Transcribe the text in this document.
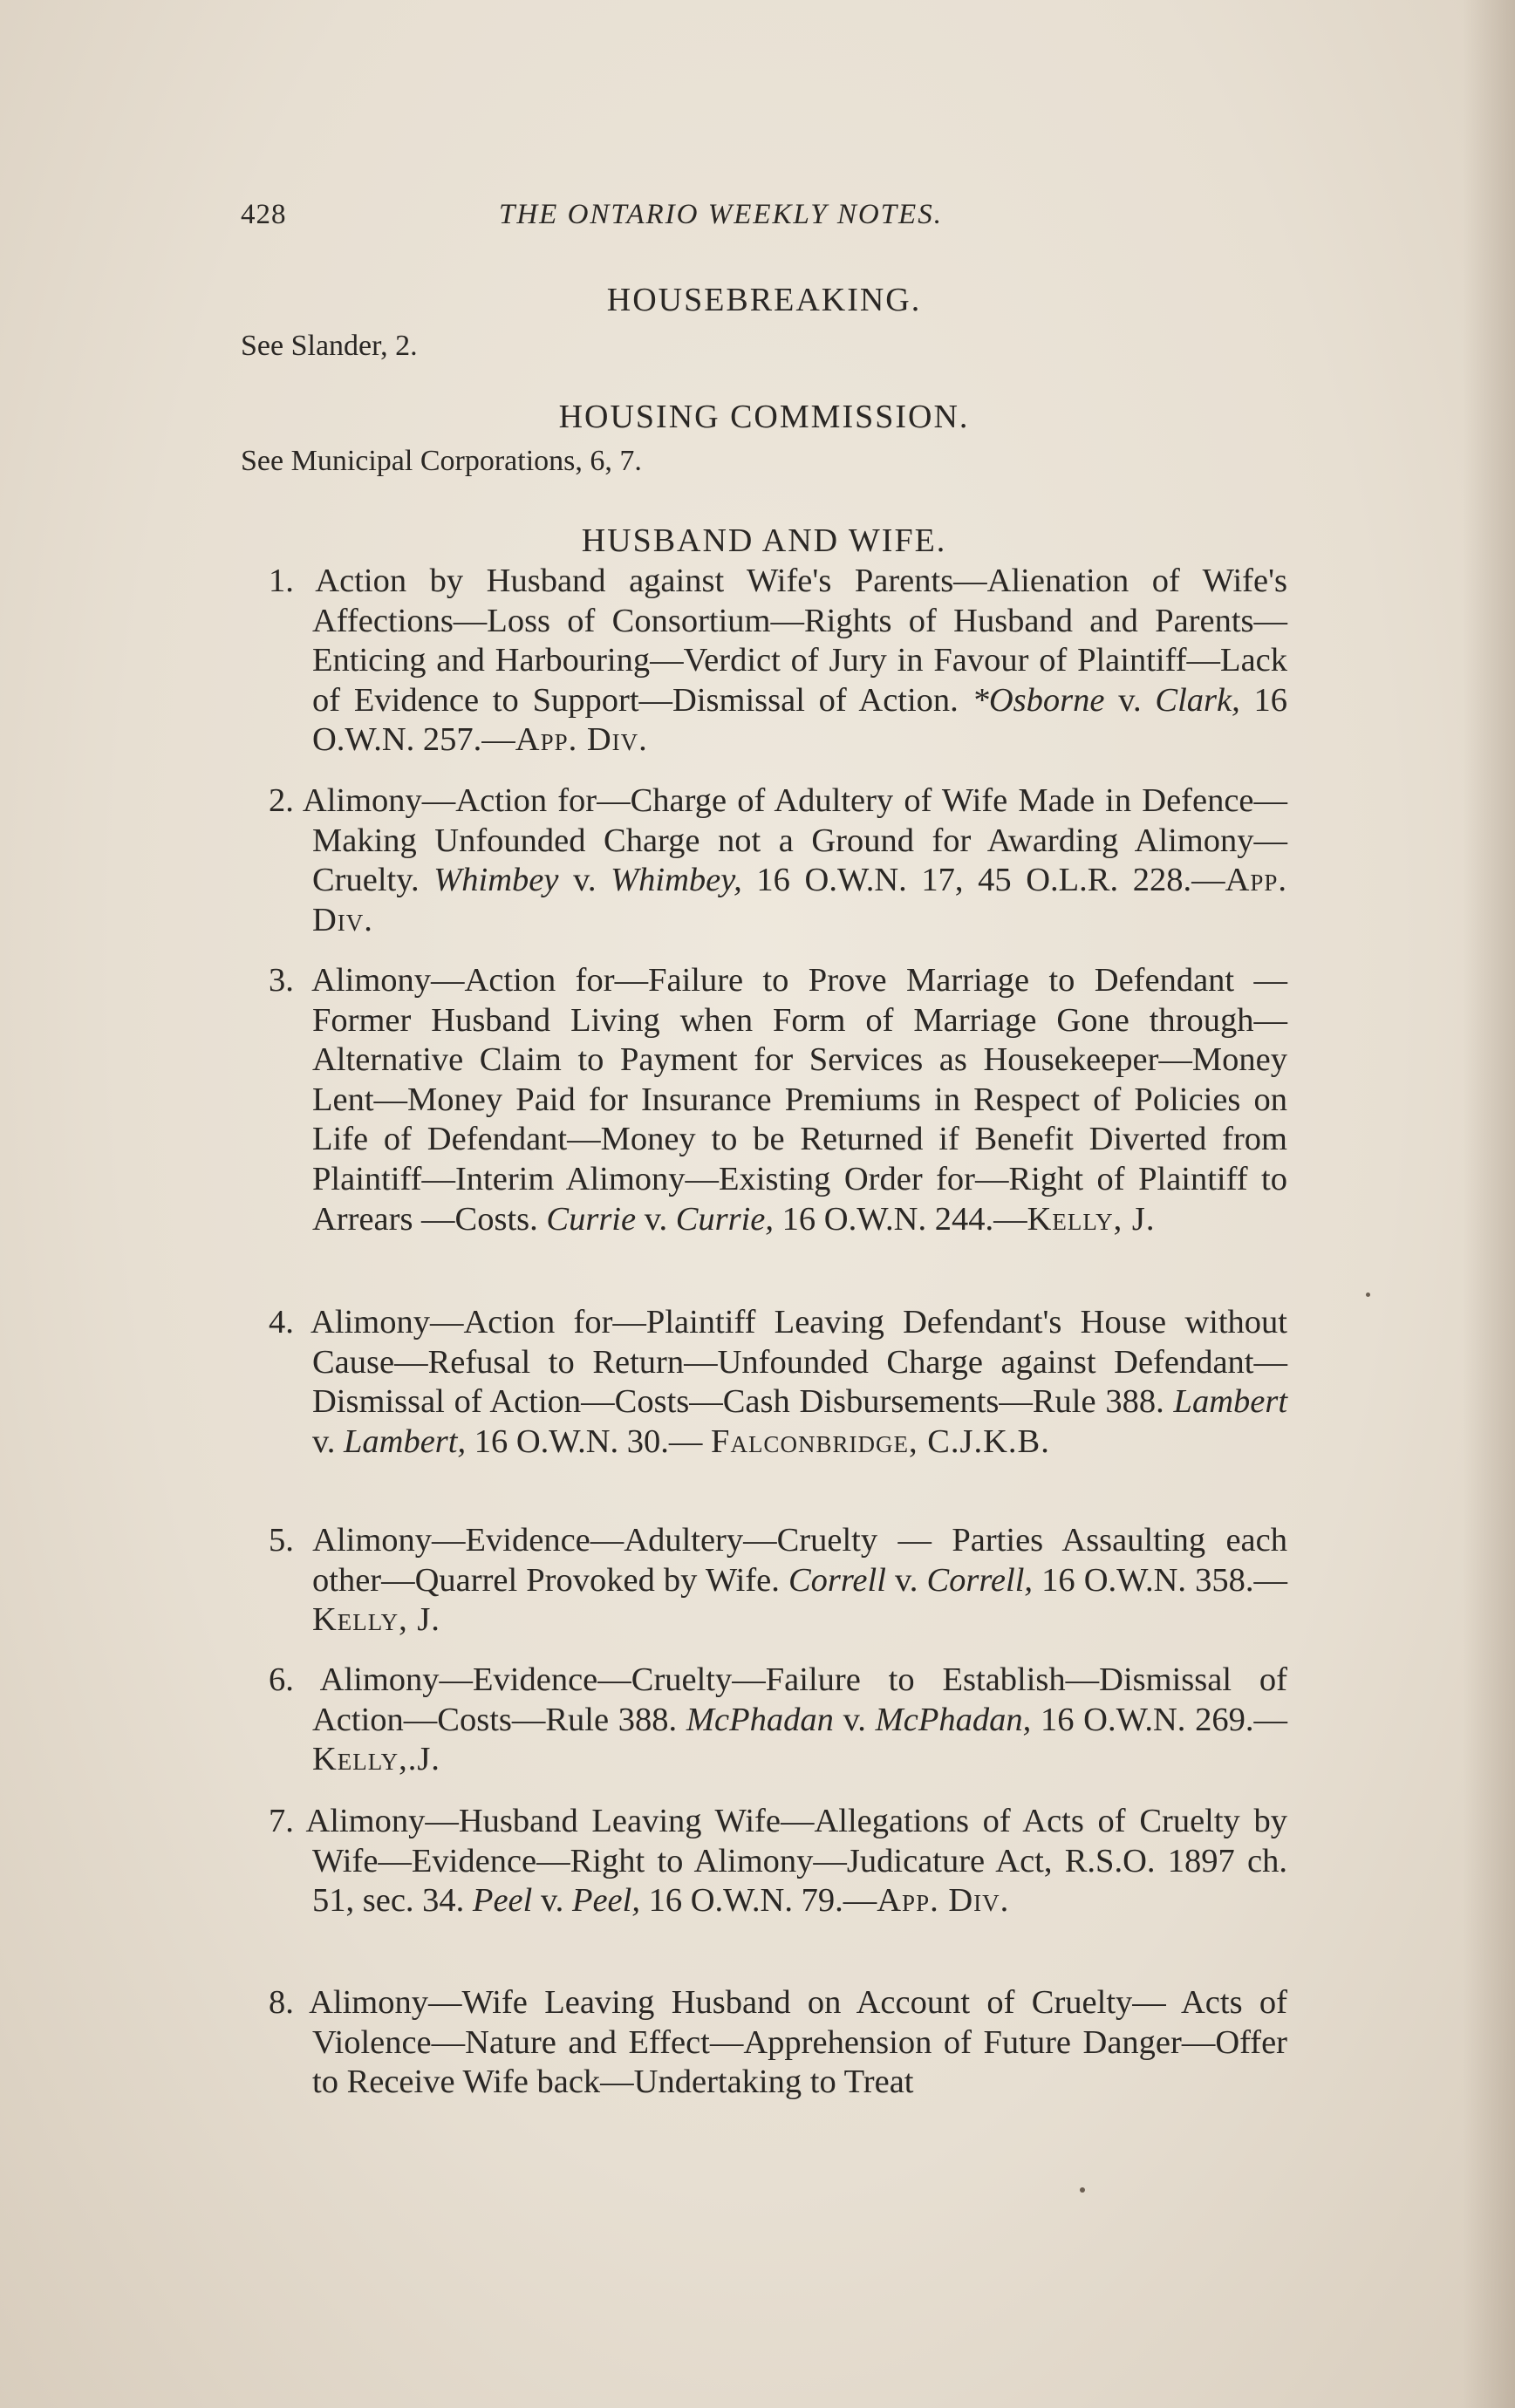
428	THE ONTARIO WEEKLY NOTES.
HOUSEBREAKING.
See Slander, 2.
HOUSING COMMISSION.
See Municipal Corporations, 6, 7.
HUSBAND AND WIFE.
1. Action by Husband against Wife's Parents—Alienation of Wife's Affections—Loss of Consortium—Rights of Husband and Parents—Enticing and Harbouring—Verdict of Jury in Favour of Plaintiff—Lack of Evidence to Support—Dismissal of Action. *Osborne v. Clark, 16 O.W.N. 257.—App. Div.
2. Alimony—Action for—Charge of Adultery of Wife Made in Defence—Making Unfounded Charge not a Ground for Awarding Alimony—Cruelty. Whimbey v. Whimbey, 16 O.W.N. 17, 45 O.L.R. 228.—App. Div.
3. Alimony—Action for—Failure to Prove Marriage to Defendant —Former Husband Living when Form of Marriage Gone through—Alternative Claim to Payment for Services as Housekeeper—Money Lent—Money Paid for Insurance Premiums in Respect of Policies on Life of Defendant—Money to be Returned if Benefit Diverted from Plaintiff—Interim Alimony—Existing Order for—Right of Plaintiff to Arrears —Costs. Currie v. Currie, 16 O.W.N. 244.—Kelly, J.
4. Alimony—Action for—Plaintiff Leaving Defendant's House without Cause—Refusal to Return—Unfounded Charge against Defendant—Dismissal of Action—Costs—Cash Disbursements—Rule 388. Lambert v. Lambert, 16 O.W.N. 30.— Falconbridge, C.J.K.B.
5. Alimony—Evidence—Adultery—Cruelty — Parties Assaulting each other—Quarrel Provoked by Wife. Correll v. Correll, 16 O.W.N. 358.—Kelly, J.
6. Alimony—Evidence—Cruelty—Failure to Establish—Dismissal of Action—Costs—Rule 388. McPhadan v. McPhadan, 16 O.W.N. 269.—Kelly,.J.
7. Alimony—Husband Leaving Wife—Allegations of Acts of Cruelty by Wife—Evidence—Right to Alimony—Judicature Act, R.S.O. 1897 ch. 51, sec. 34. Peel v. Peel, 16 O.W.N. 79.—App. Div.
8. Alimony—Wife Leaving Husband on Account of Cruelty— Acts of Violence—Nature and Effect—Apprehension of Future Danger—Offer to Receive Wife back—Undertaking to Treat
